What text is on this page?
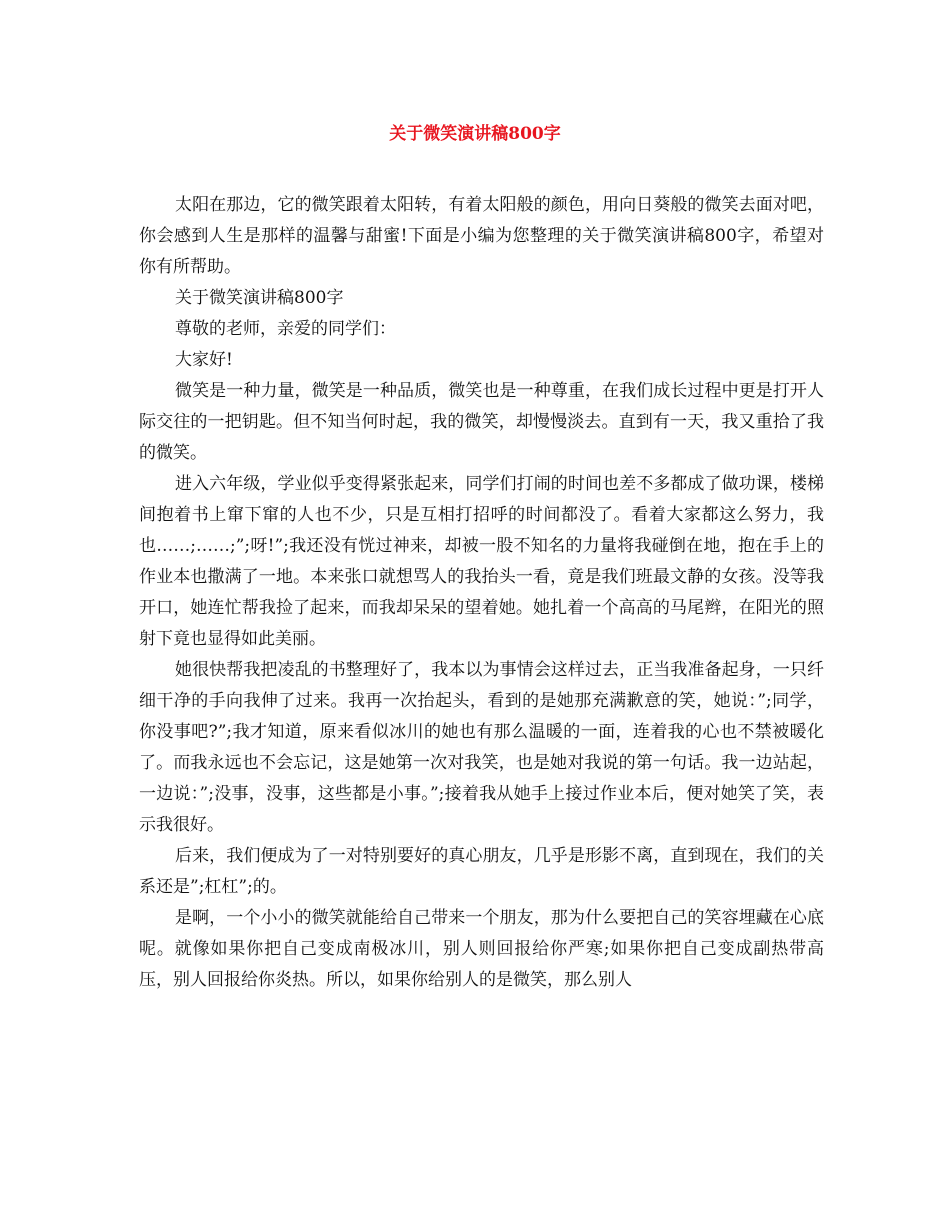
关于微笑演讲稿800字

太阳在那边，它的微笑跟着太阳转，有着太阳般的颜色，用向日葵般的微笑去面对吧，你会感到人生是那样的温馨与甜蜜!下面是小编为您整理的关于微笑演讲稿800字，希望对你有所帮助。

关于微笑演讲稿800字

尊敬的老师，亲爱的同学们：

大家好!

微笑是一种力量，微笑是一种品质，微笑也是一种尊重，在我们成长过程中更是打开人际交往的一把钥匙。但不知当何时起，我的微笑，却慢慢淡去。直到有一天，我又重拾了我的微笑。

进入六年级，学业似乎变得紧张起来，同学们打闹的时间也差不多都成了做功课，楼梯间抱着书上窜下窜的人也不少，只是互相打招呼的时间都没了。看着大家都这么努力，我也……;……;”;呀!”;我还没有恍过神来，却被一股不知名的力量将我碰倒在地，抱在手上的作业本也撒满了一地。本来张口就想骂人的我抬头一看，竟是我们班最文静的女孩。没等我开口，她连忙帮我捡了起来，而我却呆呆的望着她。她扎着一个高高的马尾辫，在阳光的照射下竟也显得如此美丽。

她很快帮我把凌乱的书整理好了，我本以为事情会这样过去，正当我准备起身，一只纤细干净的手向我伸了过来。我再一次抬起头，看到的是她那充满歉意的笑，她说：”;同学，你没事吧?”;我才知道，原来看似冰川的她也有那么温暖的一面，连着我的心也不禁被暖化了。而我永远也不会忘记，这是她第一次对我笑，也是她对我说的第一句话。我一边站起，一边说：”;没事，没事，这些都是小事。”;接着我从她手上接过作业本后，便对她笑了笑，表示我很好。

后来，我们便成为了一对特别要好的真心朋友，几乎是形影不离，直到现在，我们的关系还是”;杠杠”;的。

是啊，一个小小的微笑就能给自己带来一个朋友，那为什么要把自己的笑容埋藏在心底呢。就像如果你把自己变成南极冰川，别人则回报给你严寒;如果你把自己变成副热带高压，别人回报给你炎热。所以，如果你给别人的是微笑，那么别人
